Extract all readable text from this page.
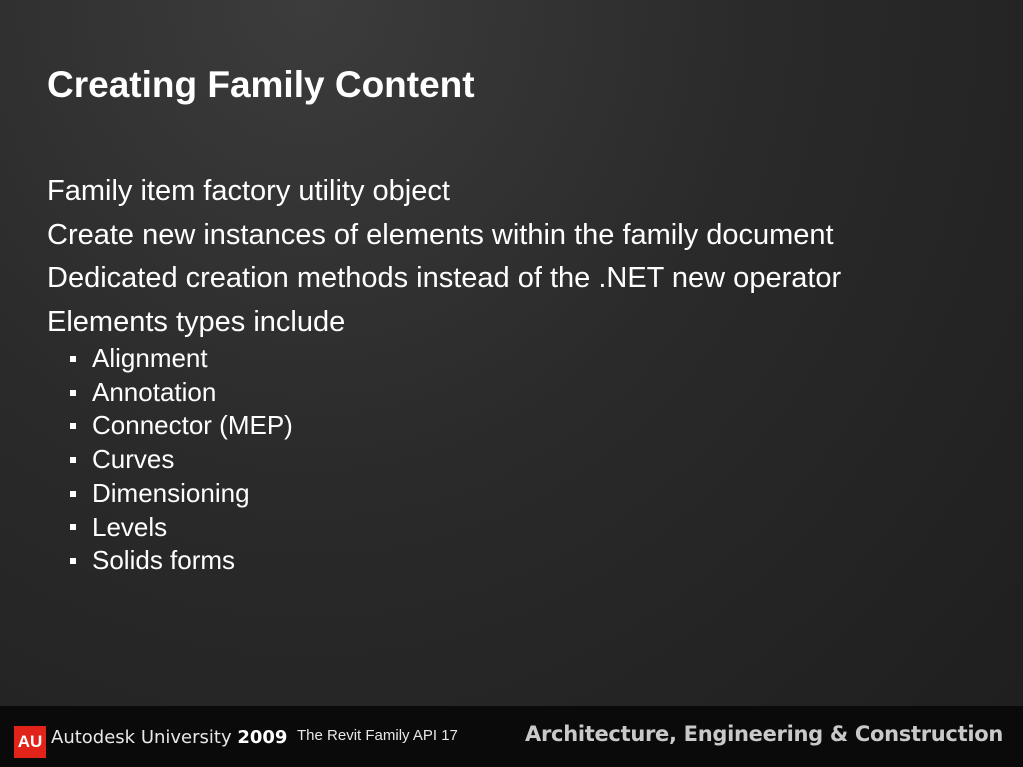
Creating Family Content
Family item factory utility object
Create new instances of elements within the family document
Dedicated creation methods instead of the .NET new operator
Elements types include
Alignment
Annotation
Connector (MEP)
Curves
Dimensioning
Levels
Solids forms
AU Autodesk University 2009 The Revit Family API 17	Architecture, Engineering & Construction
